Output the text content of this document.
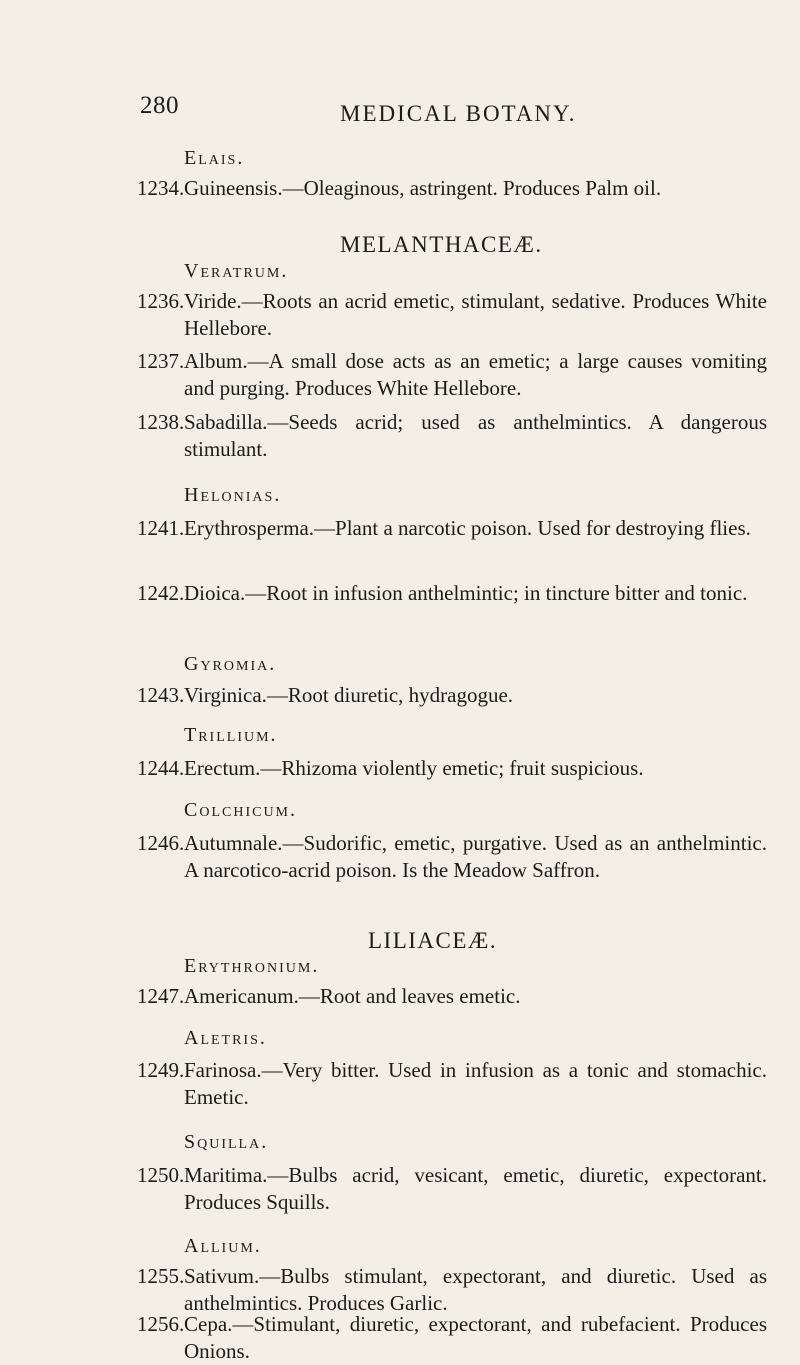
280	MEDICAL BOTANY.
Elais.
1234. Guineensis.—Oleaginous, astringent. Produces Palm oil.
MELANTHACEÆ.
Veratrum.
1236. Viride.—Roots an acrid emetic, stimulant, sedative. Produces White Hellebore.
1237. Album.—A small dose acts as an emetic; a large causes vomiting and purging. Produces White Hellebore.
1238. Sabadilla.—Seeds acrid; used as anthelmintics. A dangerous stimulant.
Helonias.
1241. Erythrosperma.—Plant a narcotic poison. Used for destroying flies.
1242. Dioica.—Root in infusion anthelmintic; in tincture bitter and tonic.
Gyromia.
1243. Virginica.—Root diuretic, hydragogue.
Trillium.
1244. Erectum.—Rhizoma violently emetic; fruit suspicious.
Colchicum.
1246. Autumnale.—Sudorific, emetic, purgative. Used as an anthelmintic. A narcotico-acrid poison. Is the Meadow Saffron.
LILIACEÆ.
Erythronium.
1247. Americanum.—Root and leaves emetic.
Aletris.
1249. Farinosa.—Very bitter. Used in infusion as a tonic and stomachic. Emetic.
Squilla.
1250. Maritima.—Bulbs acrid, vesicant, emetic, diuretic, expectorant. Produces Squills.
Allium.
1255. Sativum.—Bulbs stimulant, expectorant, and diuretic. Used as anthelmintics. Produces Garlic.
1256. Cepa.—Stimulant, diuretic, expectorant, and rubefacient. Produces Onions.
